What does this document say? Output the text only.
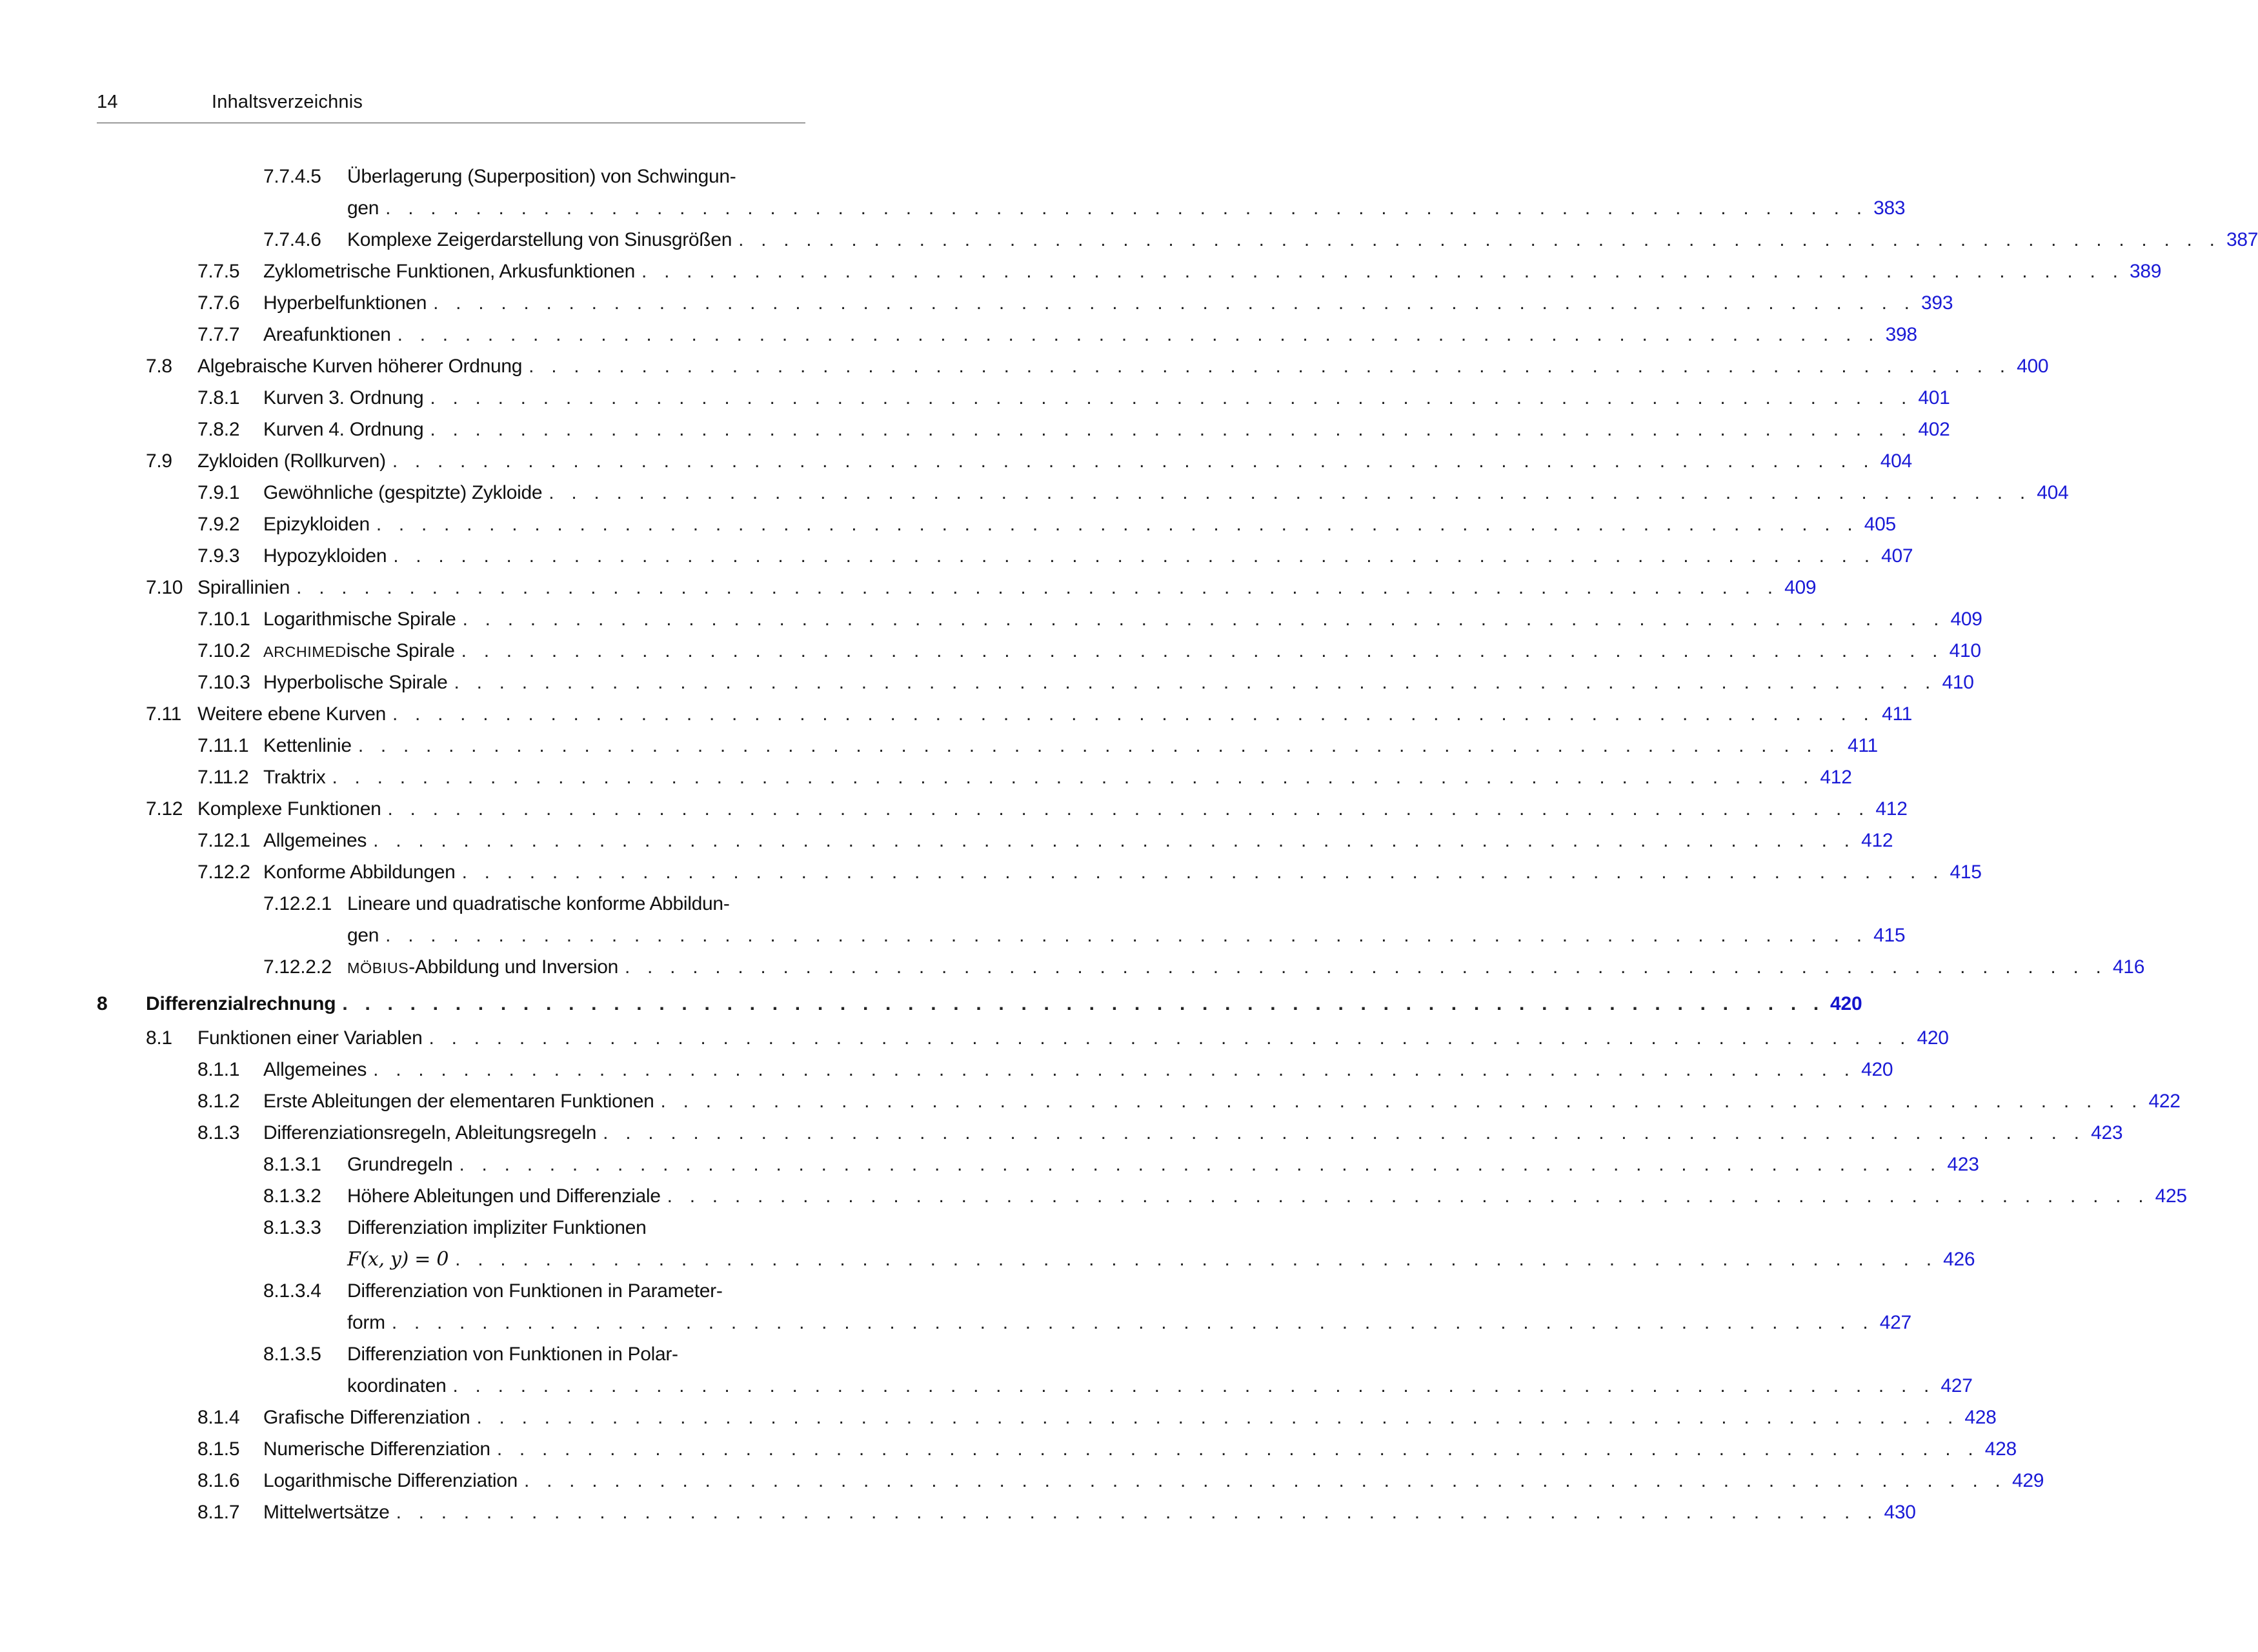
14	Inhaltsverzeichnis
7.7.4.5 Überlagerung (Superposition) von Schwingun-
gen . . . . . . . . . . . . . . . . . . . . . . . . . . . . . . . . . . . . . . . . . . . . . . . . . . . . . . . . . . . . . . . . . . 383
7.7.4.6 Komplexe Zeigerdarstellung von Sinusgrößen . . . . . . . . . . . . . . . . . . . . . . . . . . . . . . . . . . . . . . . . . . . . . . . . . . . . . . . . . . . . . . . . . . 387
7.7.5 Zyklometrische Funktionen, Arkusfunktionen . . . . . . . . . . . . . . . . . . . . . . . . . . . . . . . . . . . . . . . . . . . . . . . . . . . . . . . . . . . . . . . . . . 389
7.7.6 Hyperbelfunktionen . . . . . . . . . . . . . . . . . . . . . . . . . . . . . . . . . . . . . . . . . . . . . . . . . . . . . . . . . . . . . . . . . . 393
7.7.7 Areafunktionen . . . . . . . . . . . . . . . . . . . . . . . . . . . . . . . . . . . . . . . . . . . . . . . . . . . . . . . . . . . . . . . . . . 398
7.8 Algebraische Kurven höherer Ordnung . . . . . . . . . . . . . . . . . . . . . . . . . . . . . . . . . . . . . . . . . . . . . . . . . . . . . . . . . . . . . . . . . . 400
7.8.1 Kurven 3. Ordnung . . . . . . . . . . . . . . . . . . . . . . . . . . . . . . . . . . . . . . . . . . . . . . . . . . . . . . . . . . . . . . . . . . 401
7.8.2 Kurven 4. Ordnung . . . . . . . . . . . . . . . . . . . . . . . . . . . . . . . . . . . . . . . . . . . . . . . . . . . . . . . . . . . . . . . . . . 402
7.9 Zykloiden (Rollkurven) . . . . . . . . . . . . . . . . . . . . . . . . . . . . . . . . . . . . . . . . . . . . . . . . . . . . . . . . . . . . . . . . . . 404
7.9.1 Gewöhnliche (gespitzte) Zykloide . . . . . . . . . . . . . . . . . . . . . . . . . . . . . . . . . . . . . . . . . . . . . . . . . . . . . . . . . . . . . . . . . . 404
7.9.2 Epizykloiden . . . . . . . . . . . . . . . . . . . . . . . . . . . . . . . . . . . . . . . . . . . . . . . . . . . . . . . . . . . . . . . . . . 405
7.9.3 Hypozykloiden . . . . . . . . . . . . . . . . . . . . . . . . . . . . . . . . . . . . . . . . . . . . . . . . . . . . . . . . . . . . . . . . . . 407
7.10 Spirallinien . . . . . . . . . . . . . . . . . . . . . . . . . . . . . . . . . . . . . . . . . . . . . . . . . . . . . . . . . . . . . . . . . . 409
7.10.1 Logarithmische Spirale . . . . . . . . . . . . . . . . . . . . . . . . . . . . . . . . . . . . . . . . . . . . . . . . . . . . . . . . . . . . . . . . . . 409
7.10.2 ARCHIMEDische Spirale . . . . . . . . . . . . . . . . . . . . . . . . . . . . . . . . . . . . . . . . . . . . . . . . . . . . . . . . . . . . . . . . . . 410
7.10.3 Hyperbolische Spirale . . . . . . . . . . . . . . . . . . . . . . . . . . . . . . . . . . . . . . . . . . . . . . . . . . . . . . . . . . . . . . . . . . 410
7.11 Weitere ebene Kurven . . . . . . . . . . . . . . . . . . . . . . . . . . . . . . . . . . . . . . . . . . . . . . . . . . . . . . . . . . . . . . . . . . 411
7.11.1 Kettenlinie . . . . . . . . . . . . . . . . . . . . . . . . . . . . . . . . . . . . . . . . . . . . . . . . . . . . . . . . . . . . . . . . . . 411
7.11.2 Traktrix . . . . . . . . . . . . . . . . . . . . . . . . . . . . . . . . . . . . . . . . . . . . . . . . . . . . . . . . . . . . . . . . . . 412
7.12 Komplexe Funktionen . . . . . . . . . . . . . . . . . . . . . . . . . . . . . . . . . . . . . . . . . . . . . . . . . . . . . . . . . . . . . . . . . . 412
7.12.1 Allgemeines . . . . . . . . . . . . . . . . . . . . . . . . . . . . . . . . . . . . . . . . . . . . . . . . . . . . . . . . . . . . . . . . . . 412
7.12.2 Konforme Abbildungen . . . . . . . . . . . . . . . . . . . . . . . . . . . . . . . . . . . . . . . . . . . . . . . . . . . . . . . . . . . . . . . . . . 415
7.12.2.1 Lineare und quadratische konforme Abbildun-
gen . . . . . . . . . . . . . . . . . . . . . . . . . . . . . . . . . . . . . . . . . . . . . . . . . . . . . . . . . . . . . . . . . . 415
7.12.2.2 MÖBIUS-Abbildung und Inversion . . . . . . . . . . . . . . . . . . . . . . . . . . . . . . . . . . . . . . . . . . . . . . . . . . . . . . . . . . . . . . . . . . 416
8 Differenzialrechnung . . . . . . . . . . . . . . . . . . . . . . . . . . . . . . . . . . . . . . . . . . . . . . . . . . . . . . . . . . . . . . . . . . 420
8.1 Funktionen einer Variablen . . . . . . . . . . . . . . . . . . . . . . . . . . . . . . . . . . . . . . . . . . . . . . . . . . . . . . . . . . . . . . . . . . 420
8.1.1 Allgemeines . . . . . . . . . . . . . . . . . . . . . . . . . . . . . . . . . . . . . . . . . . . . . . . . . . . . . . . . . . . . . . . . . . 420
8.1.2 Erste Ableitungen der elementaren Funktionen . . . . . . . . . . . . . . . . . . . . . . . . . . . . . . . . . . . . . . . . . . . . . . . . . . . . . . . . . . . . . . . . . . 422
8.1.3 Differenziationsregeln, Ableitungsregeln . . . . . . . . . . . . . . . . . . . . . . . . . . . . . . . . . . . . . . . . . . . . . . . . . . . . . . . . . . . . . . . . . . 423
8.1.3.1 Grundregeln . . . . . . . . . . . . . . . . . . . . . . . . . . . . . . . . . . . . . . . . . . . . . . . . . . . . . . . . . . . . . . . . . . 423
8.1.3.2 Höhere Ableitungen und Differenziale . . . . . . . . . . . . . . . . . . . . . . . . . . . . . . . . . . . . . . . . . . . . . . . . . . . . . . . . . . . . . . . . . . 425
8.1.3.3 Differenziation impliziter Funktionen
F(x, y) = 0 . . . . . . . . . . . . . . . . . . . . . . . . . . . . . . . . . . . . . . . . . . . . . . . . . . . . . . . . . . . . . . . . . . 426
8.1.3.4 Differenziation von Funktionen in Parameter-
form . . . . . . . . . . . . . . . . . . . . . . . . . . . . . . . . . . . . . . . . . . . . . . . . . . . . . . . . . . . . . . . . . . 427
8.1.3.5 Differenziation von Funktionen in Polar-
koordinaten . . . . . . . . . . . . . . . . . . . . . . . . . . . . . . . . . . . . . . . . . . . . . . . . . . . . . . . . . . . . . . . . . . 427
8.1.4 Grafische Differenziation . . . . . . . . . . . . . . . . . . . . . . . . . . . . . . . . . . . . . . . . . . . . . . . . . . . . . . . . . . . . . . . . . . 428
8.1.5 Numerische Differenziation . . . . . . . . . . . . . . . . . . . . . . . . . . . . . . . . . . . . . . . . . . . . . . . . . . . . . . . . . . . . . . . . . . 428
8.1.6 Logarithmische Differenziation . . . . . . . . . . . . . . . . . . . . . . . . . . . . . . . . . . . . . . . . . . . . . . . . . . . . . . . . . . . . . . . . . . 429
8.1.7 Mittelwertsätze . . . . . . . . . . . . . . . . . . . . . . . . . . . . . . . . . . . . . . . . . . . . . . . . . . . . . . . . . . . . . . . . . . 430
